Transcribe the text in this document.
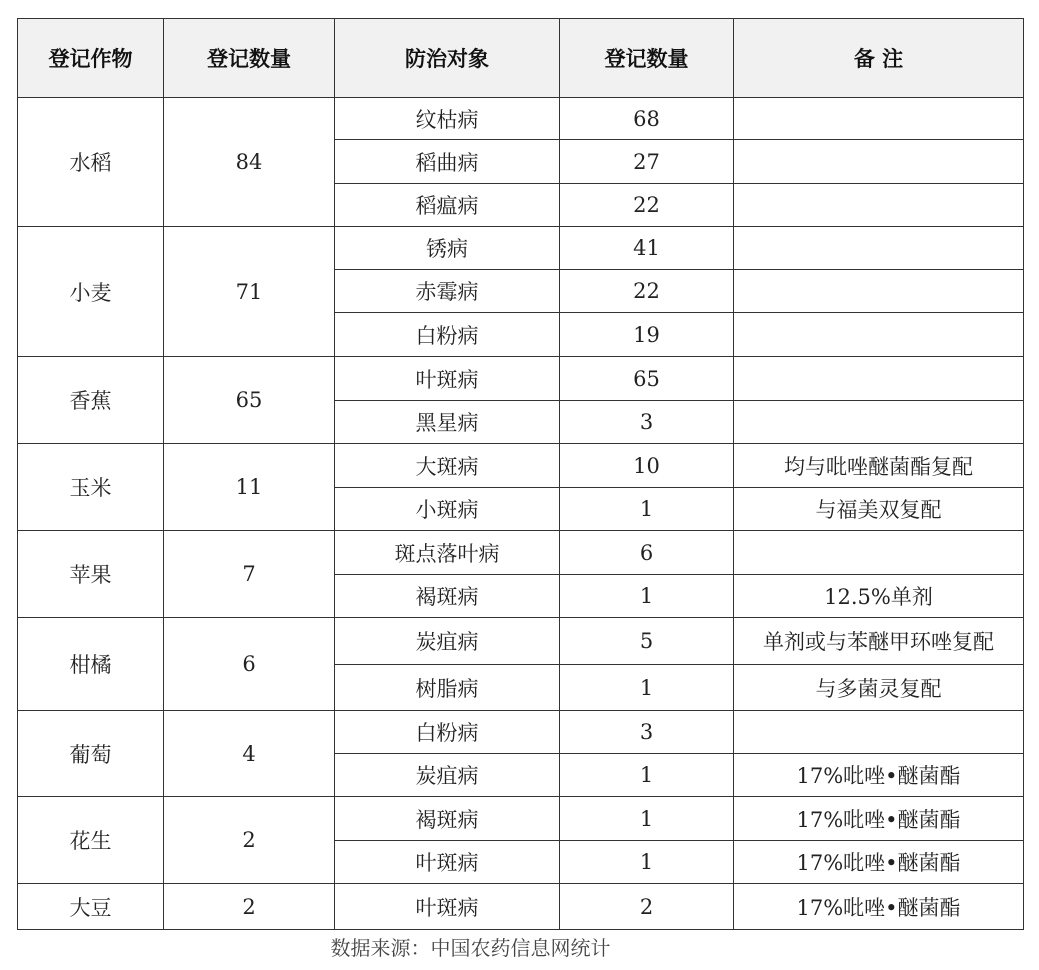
登记作物	登记数量	防治对象	登记数量	备 注
水稻	84	纹枯病	68	
		稻曲病	27	
		稻瘟病	22	
小麦	71	锈病	41	
		赤霉病	22	
		白粉病	19	
香蕉	65	叶斑病	65	
		黑星病	3	
玉米	11	大斑病	10	均与吡唑醚菌酯复配
		小斑病	1	与福美双复配
苹果	7	斑点落叶病	6	
		褐斑病	1	12.5%单剂
柑橘	6	炭疽病	5	单剂或与苯醚甲环唑复配
		树脂病	1	与多菌灵复配
葡萄	4	白粉病	3	
		炭疽病	1	17%吡唑•醚菌酯
花生	2	褐斑病	1	17%吡唑•醚菌酯
		叶斑病	1	17%吡唑•醚菌酯
大豆	2	叶斑病	2	17%吡唑•醚菌酯
数据来源：中国农药信息网统计
